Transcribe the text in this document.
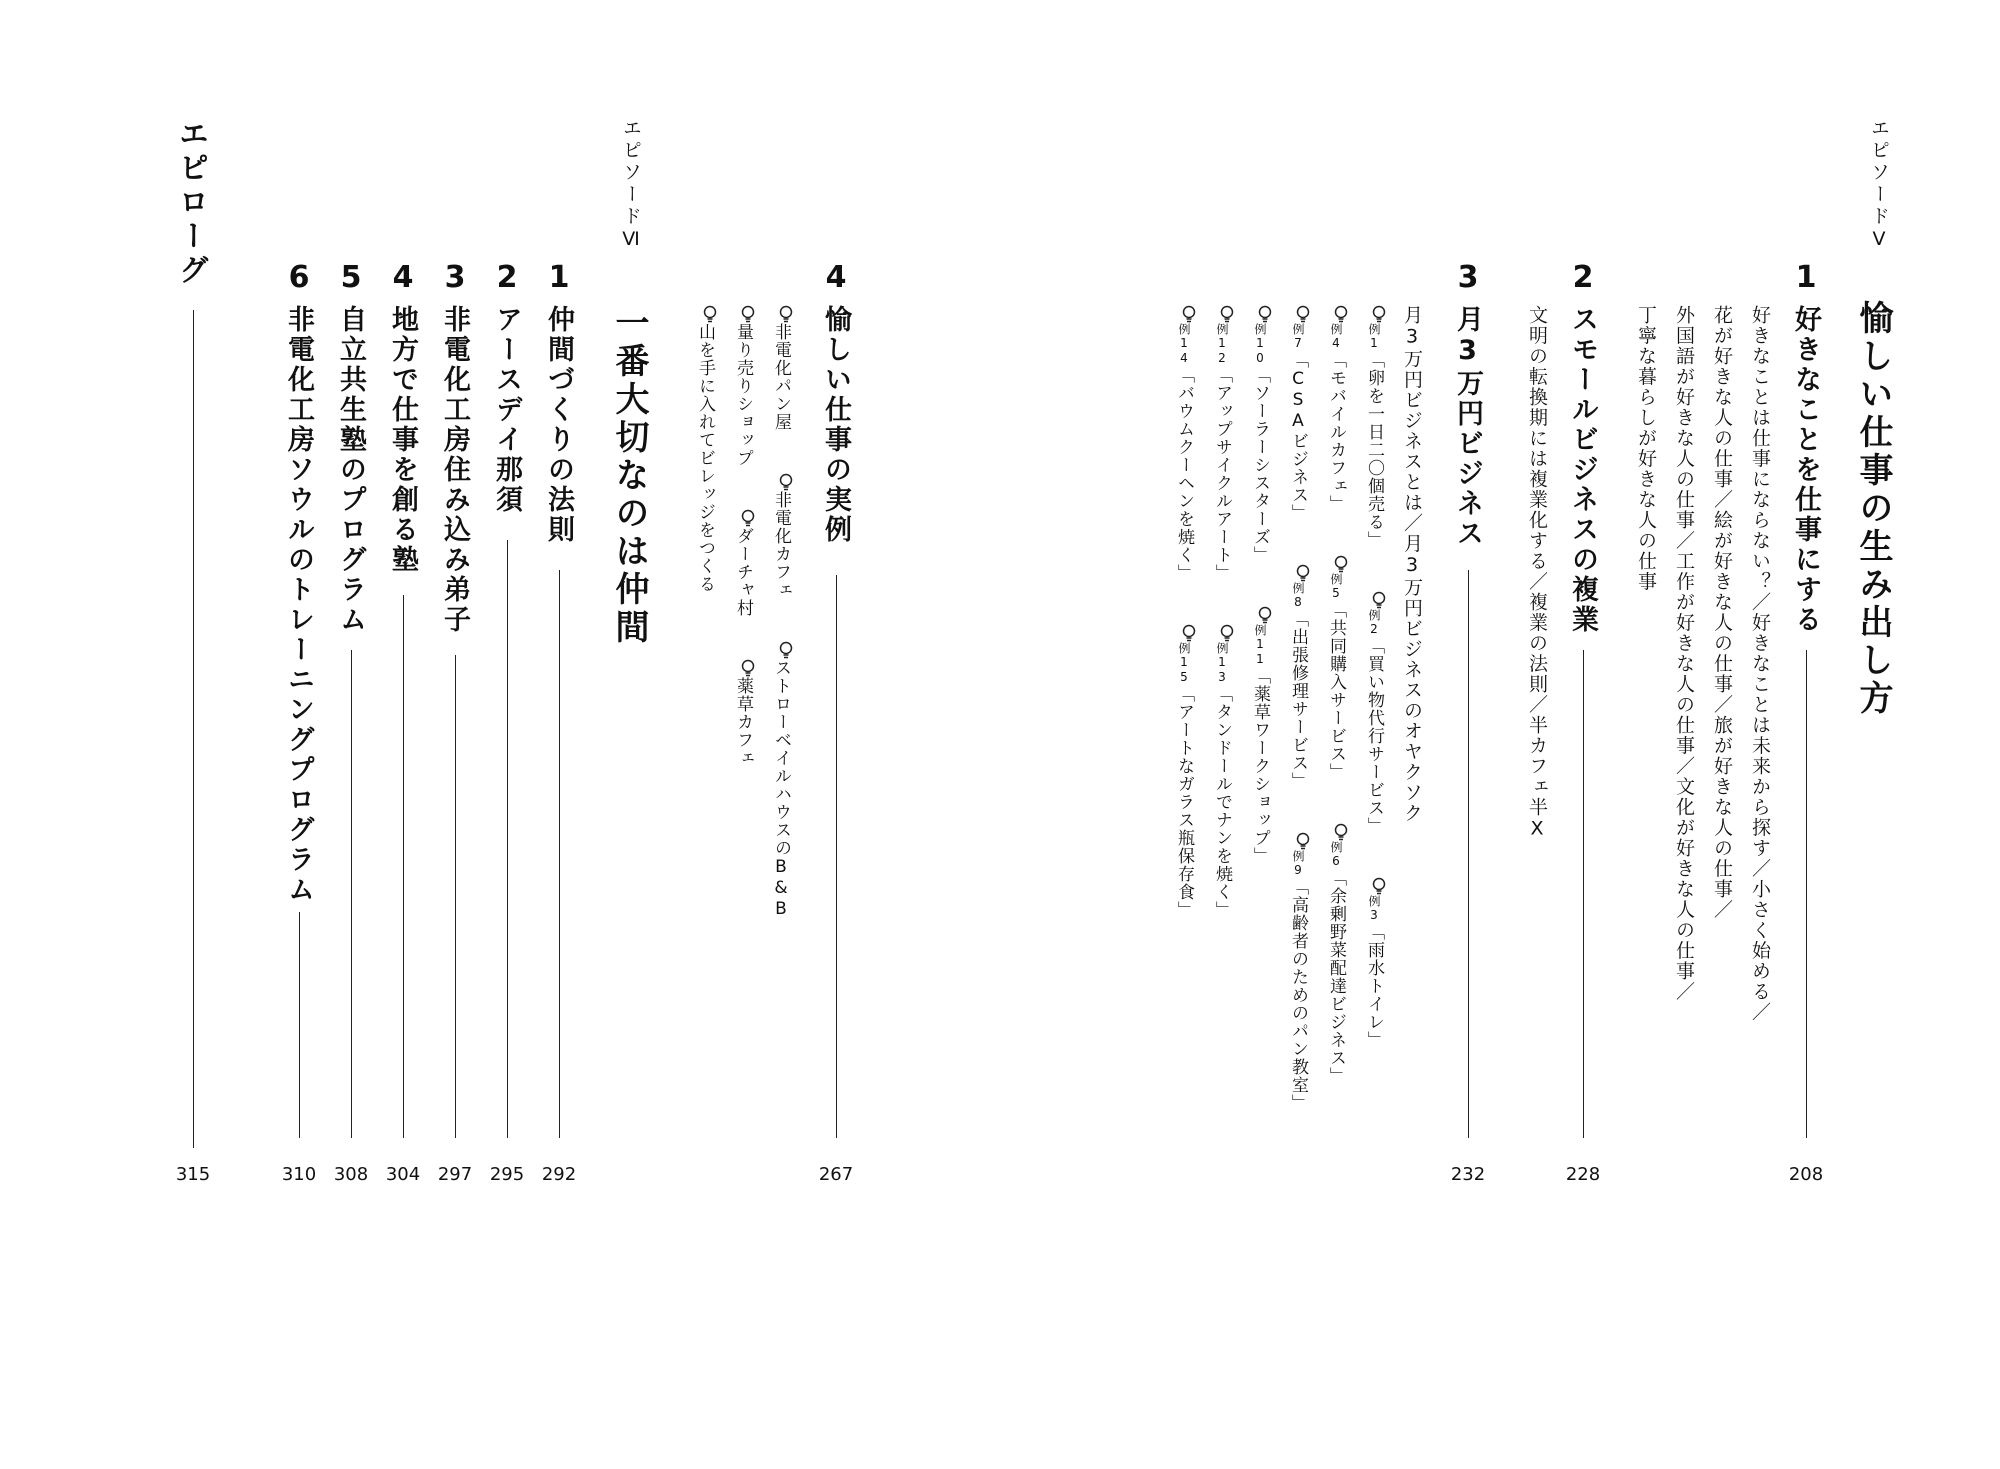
エピソードⅤ
愉しい仕事の生み出し方
1
好きなことを仕事にする
好きなことは仕事にならない？／好きなことは未来から探す／小さく始める／
花が好きな人の仕事／絵が好きな人の仕事／旅が好きな人の仕事／
外国語が好きな人の仕事／工作が好きな人の仕事／文化が好きな人の仕事／
丁寧な暮らしが好きな人の仕事
208
2
スモールビジネスの複業
文明の転換期には複業化する／複業の法則／半カフェ半X
228
3
月3万円ビジネス
月3万円ビジネスとは／月3万円ビジネスのオヤクソク
232
例1「卵を一日二〇個売る」  例2「買い物代行サービス」  例3「雨水トイレ」
例4「モバイルカフェ」  例5「共同購入サービス」  例6「余剰野菜配達ビジネス」
例7「CSAビジネス」  例8「出張修理サービス」  例9「高齢者のためのパン教室」
例10「ソーラーシスターズ」  例11「薬草ワークショップ」
例12「アップサイクルアート」  例13「タンドールでナンを焼く」
例14「バウムクーヘンを焼く」  例15「アートなガラス瓶保存食」
4
愉しい仕事の実例
267
非電化パン屋  非電化カフェ  ストローベイルハウスのB&B
量り売りショップ  ダーチャ村  薬草カフェ
山を手に入れてビレッジをつくる
エピソードⅥ
一番大切なのは仲間
1
仲間づくりの法則
292
2
アースデイ那須
295
3
非電化工房住み込み弟子
297
4
地方で仕事を創る塾
304
5
自立共生塾のプログラム
308
6
非電化工房ソウルのトレーニングプログラム
310
エピローグ
315
